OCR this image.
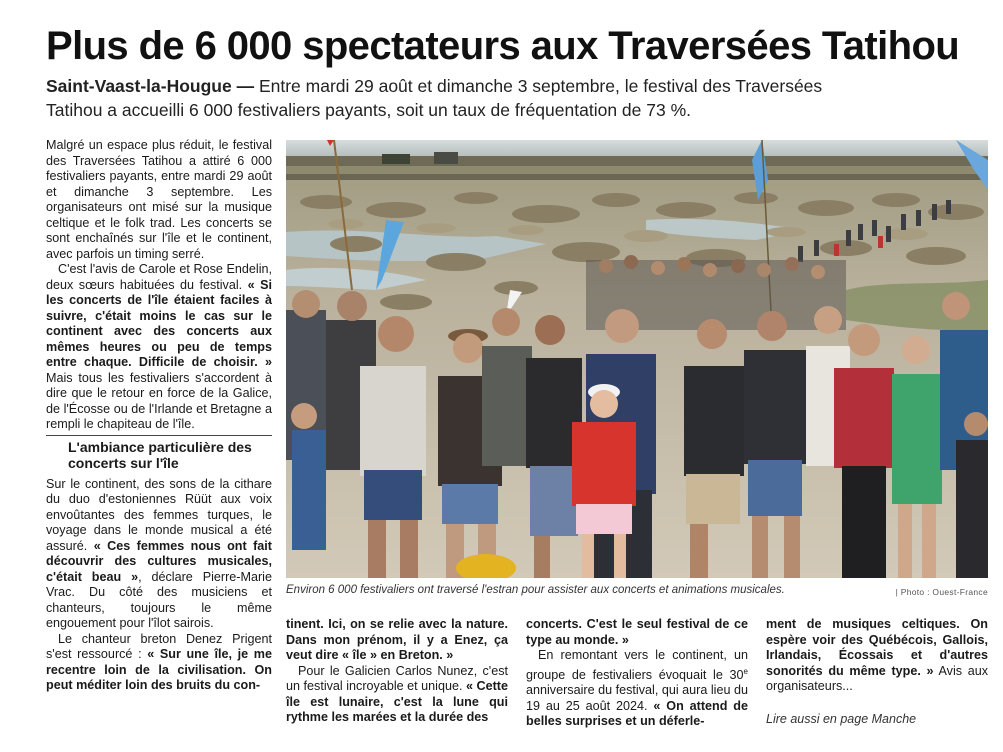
Plus de 6 000 spectateurs aux Traversées Tatihou

Saint-Vaast-la-Hougue — Entre mardi 29 août et dimanche 3 septembre, le festival des Traversées Tatihou a accueilli 6 000 festivaliers payants, soit un taux de fréquentation de 73 %.

Malgré un espace plus réduit, le festival des Traversées Tatihou a attiré 6 000 festivaliers payants, entre mardi 29 août et dimanche 3 septembre. Les organisateurs ont misé sur la musique celtique et le folk trad. Les concerts se sont enchaînés sur l'île et le continent, avec parfois un timing serré.

C'est l'avis de Carole et Rose Endelin, deux sœurs habituées du festival. « Si les concerts de l'île étaient faciles à suivre, c'était moins le cas sur le continent avec des concerts aux mêmes heures ou peu de temps entre chaque. Difficile de choisir. » Mais tous les festivaliers s'accordent à dire que le retour en force de la Galice, de l'Écosse ou de l'Irlande et Bretagne a rempli le chapiteau de l'île.

L'ambiance particulière des concerts sur l'île

Sur le continent, des sons de la cithare du duo d'estoniennes Rüüt aux voix envoûtantes des femmes turques, le voyage dans le monde musical a été assuré. « Ces femmes nous ont fait découvrir des cultures musicales, c'était beau », déclare Pierre-Marie Vrac. Du côté des musiciens et chanteurs, toujours le même engouement pour l'îlot sairois.

Le chanteur breton Denez Prigent s'est ressourcé : « Sur une île, je me recentre loin de la civilisation. On peut méditer loin des bruits du con-

Environ 6 000 festivaliers ont traversé l'estran pour assister aux concerts et animations musicales.	| Photo : Ouest-France

tinent. Ici, on se relie avec la nature. Dans mon prénom, il y a Enez, ça veut dire « île » en Breton. »

Pour le Galicien Carlos Nunez, c'est un festival incroyable et unique. « Cette île est lunaire, c'est la lune qui rythme les marées et la durée des

concerts. C'est le seul festival de ce type au monde. »

En remontant vers le continent, un groupe de festivaliers évoquait le 30e anniversaire du festival, qui aura lieu du 19 au 25 août 2024. « On attend de belles surprises et un déferle-

ment de musiques celtiques. On espère voir des Québécois, Gallois, Irlandais, Écossais et d'autres sonorités du même type. » Avis aux organisateurs...

Lire aussi en page Manche
